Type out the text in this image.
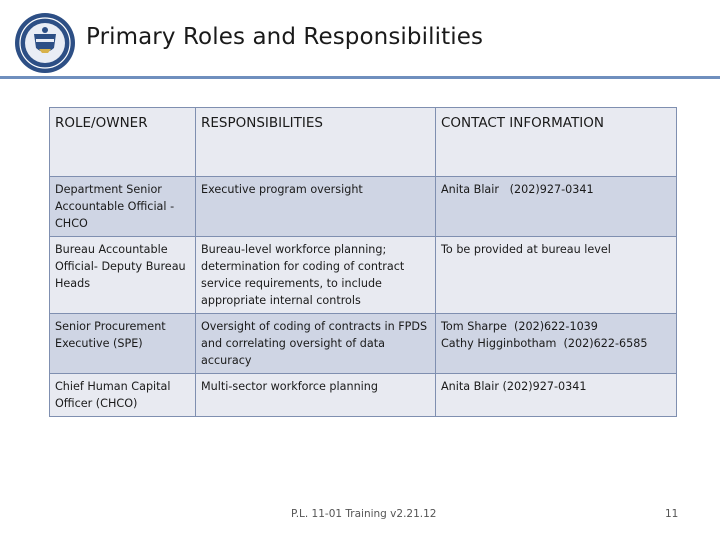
Primary Roles and Responsibilities
ROLE/OWNER	RESPONSIBILITIES	CONTACT INFORMATION

Department Senior
Accountable Official -
CHCO	Executive program oversight	Anita Blair   (202)927-0341

Bureau Accountable
Official- Deputy Bureau
Heads	Bureau-level workforce planning;
determination for coding of contract
service requirements, to include
appropriate internal controls	To be provided at bureau level

Senior Procurement
Executive (SPE)	Oversight of coding of contracts in FPDS
and correlating oversight of data
accuracy	Tom Sharpe  (202)622-1039
Cathy Higginbotham  (202)622-6585

Chief Human Capital
Officer (CHCO)	Multi-sector workforce planning	Anita Blair (202)927-0341
P.L. 11-01 Training v2.21.12	11
